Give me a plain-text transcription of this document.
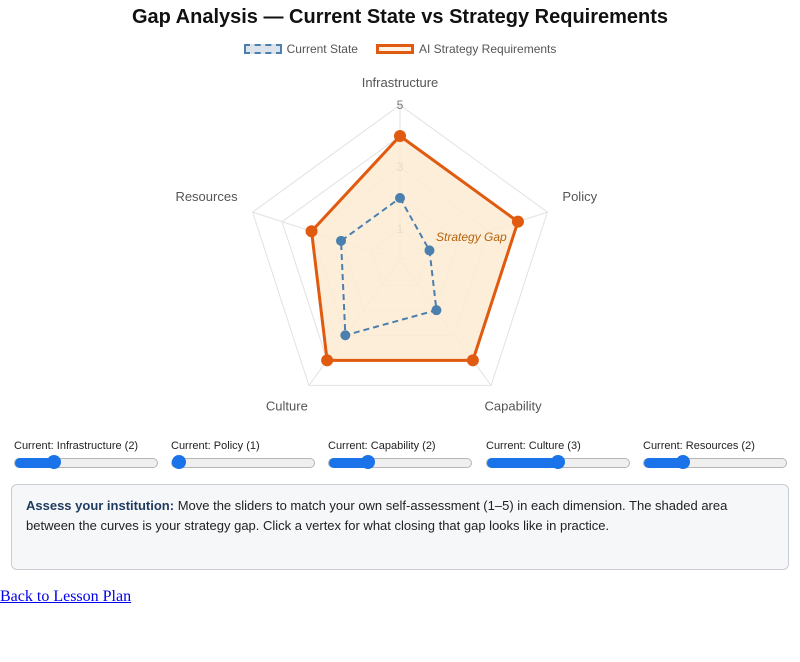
Gap Analysis — Current State vs Strategy Requirements
Current State	AI Strategy Requirements
5
Strategy Gap
Infrastructure
Policy
Capability
Culture
Resources
Current: Infrastructure (2)	Current: Policy (1)	Current: Capability (2)	Current: Culture (3)	Current: Resources (2)
Assess your institution: Move the sliders to match your own self-assessment (1–5) in each dimension. The shaded area between the curves is your strategy gap. Click a vertex for what closing that gap looks like in practice.
Back to Lesson Plan
